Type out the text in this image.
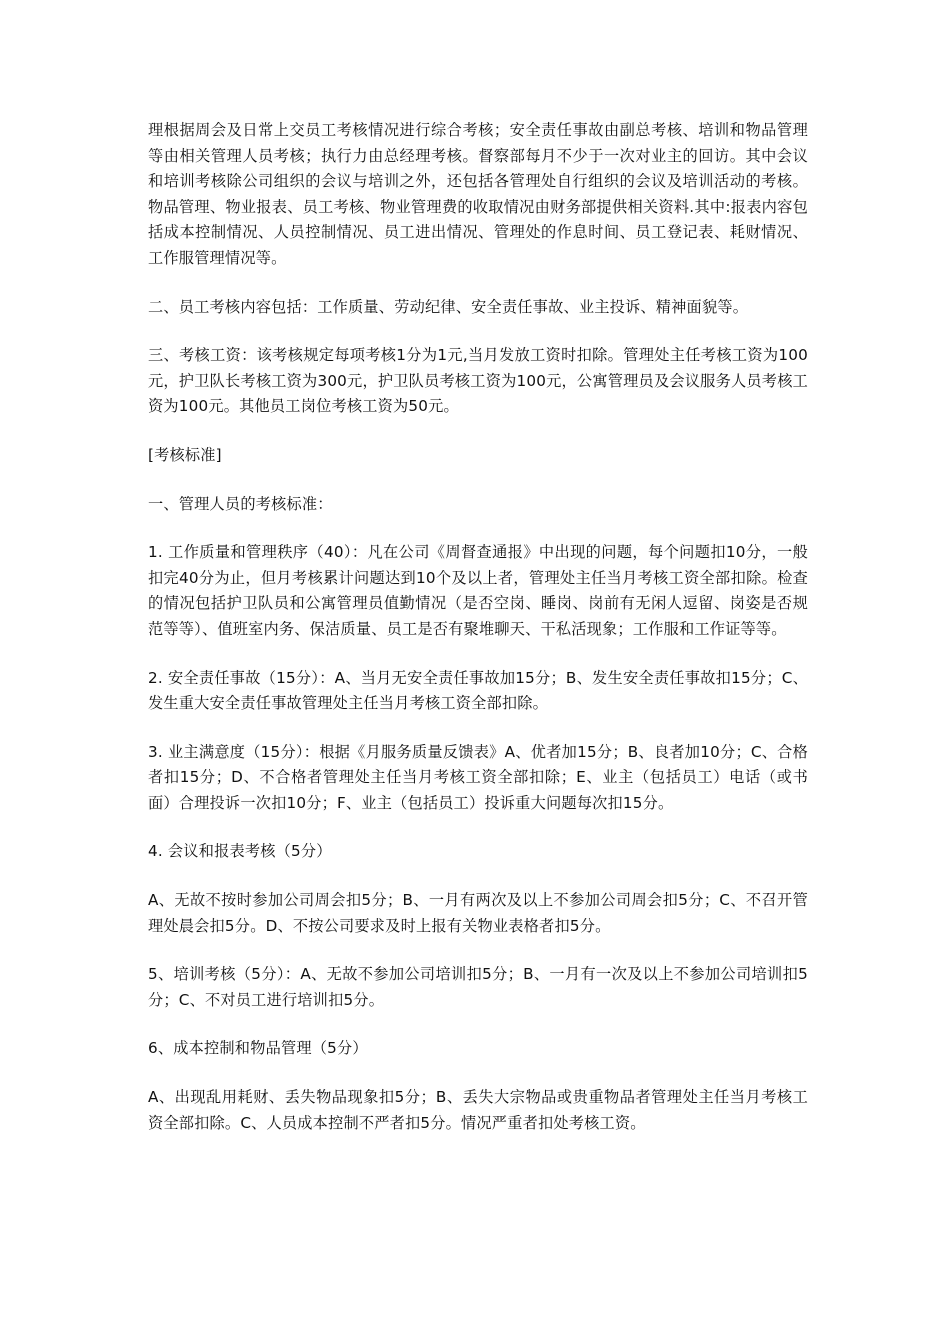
理根据周会及日常上交员工考核情况进行综合考核；安全责任事故由副总考核、培训和物品管理等由相关管理人员考核；执行力由总经理考核。督察部每月不少于一次对业主的回访。其中会议和培训考核除公司组织的会议与培训之外，还包括各管理处自行组织的会议及培训活动的考核。物品管理、物业报表、员工考核、物业管理费的收取情况由财务部提供相关资料.其中:报表内容包括成本控制情况、人员控制情况、员工进出情况、管理处的作息时间、员工登记表、耗财情况、工作服管理情况等。

二、员工考核内容包括：工作质量、劳动纪律、安全责任事故、业主投诉、精神面貌等。

三、考核工资：该考核规定每项考核1分为1元,当月发放工资时扣除。管理处主任考核工资为100元，护卫队长考核工资为300元，护卫队员考核工资为100元，公寓管理员及会议服务人员考核工资为100元。其他员工岗位考核工资为50元。

[考核标准]

一、管理人员的考核标准：

1. 工作质量和管理秩序（40）：凡在公司《周督查通报》中出现的问题，每个问题扣10分，一般扣完40分为止，但月考核累计问题达到10个及以上者，管理处主任当月考核工资全部扣除。检查的情况包括护卫队员和公寓管理员值勤情况（是否空岗、睡岗、岗前有无闲人逗留、岗姿是否规范等等）、值班室内务、保洁质量、员工是否有聚堆聊天、干私活现象；工作服和工作证等等。

2. 安全责任事故（15分）：A、当月无安全责任事故加15分；B、发生安全责任事故扣15分；C、发生重大安全责任事故管理处主任当月考核工资全部扣除。

3. 业主满意度（15分）：根据《月服务质量反馈表》A、优者加15分；B、良者加10分；C、合格者扣15分；D、不合格者管理处主任当月考核工资全部扣除；E、业主（包括员工）电话（或书面）合理投诉一次扣10分；F、业主（包括员工）投诉重大问题每次扣15分。

4. 会议和报表考核（5分）

A、无故不按时参加公司周会扣5分；B、一月有两次及以上不参加公司周会扣5分；C、不召开管理处晨会扣5分。D、不按公司要求及时上报有关物业表格者扣5分。

5、培训考核（5分）：A、无故不参加公司培训扣5分；B、一月有一次及以上不参加公司培训扣5分；C、不对员工进行培训扣5分。

6、成本控制和物品管理（5分）

A、出现乱用耗财、丢失物品现象扣5分；B、丢失大宗物品或贵重物品者管理处主任当月考核工资全部扣除。C、人员成本控制不严者扣5分。情况严重者扣处考核工资。
